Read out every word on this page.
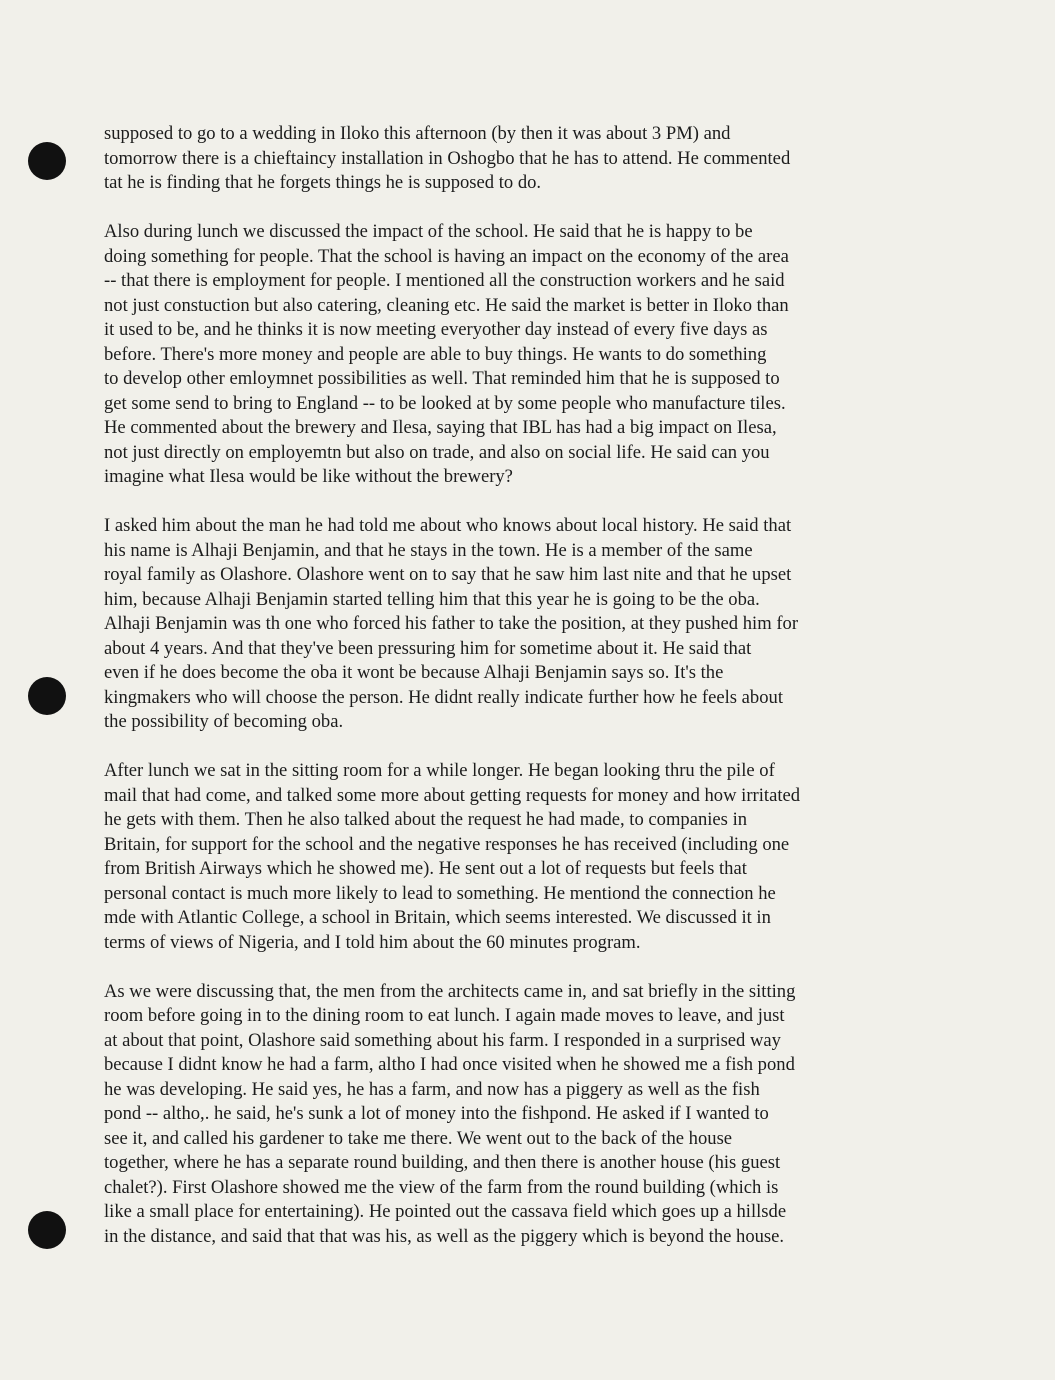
supposed to go to a wedding in Iloko this afternoon (by then it was about 3 PM) and
tomorrow there is a chieftaincy installation in Oshogbo that he has to attend. He commented
tat he is finding that he forgets things he is supposed to do.
Also during lunch we discussed the impact of the school. He said that he is happy to be
doing something for people. That the school is having an impact on the economy of the area
-- that there is employment for people. I mentioned all the construction workers and he said
not just constuction but also catering, cleaning etc. He said the market is better in Iloko than
it used to be, and he thinks it is now meeting everyother day instead of every five days as
before. There's more money and people are able to buy things. He wants to do something
to develop other emloymnet possibilities as well. That reminded him that he is supposed to
get some send to bring to England -- to be looked at by some people who manufacture tiles.
He commented about the brewery and Ilesa, saying that IBL has had a big impact on Ilesa,
not just directly on employemtn but also on trade, and also on social life. He said can you
imagine what Ilesa would be like without the brewery?
I asked him about the man he had told me about who knows about local history. He said that
his name is Alhaji Benjamin, and that he stays in the town. He is a member of the same
royal family as Olashore. Olashore went on to say that he saw him last nite and that he upset
him, because Alhaji Benjamin started telling him that this year he is going to be the oba.
Alhaji Benjamin was th one who forced his father to take the position, at they pushed him for
about 4 years. And that they've been pressuring him for sometime about it. He said that
even if he does become the oba it wont be because Alhaji Benjamin says so. It's the
kingmakers who will choose the person. He didnt really indicate further how he feels about
the possibility of becoming oba.
After lunch we sat in the sitting room for a while longer. He began looking thru the pile of
mail that had come, and talked some more about getting requests for money and how irritated
he gets with them. Then he also talked about the request he had made, to companies in
Britain, for support for the school and the negative responses he has received (including one
from British Airways which he showed me). He sent out a lot of requests but feels that
personal contact is much more likely to lead to something. He mentiond the connection he
mde with Atlantic College, a school in Britain, which seems interested. We discussed it in
terms of views of Nigeria, and I told him about the 60 minutes program.
As we were discussing that, the men from the architects came in, and sat briefly in the sitting
room before going in to the dining room to eat lunch. I again made moves to leave, and just
at about that point, Olashore said something about his farm. I responded in a surprised way
because I didnt know he had a farm, altho I had once visited when he showed me a fish pond
he was developing. He said yes, he has a farm, and now has a piggery as well as the fish
pond -- altho,. he said, he's sunk a lot of money into the fishpond. He asked if I wanted to
see it, and called his gardener to take me there. We went out to the back of the house
together, where he has a separate round building, and then there is another house (his guest
chalet?). First Olashore showed me the view of the farm from the round building (which is
like a small place for entertaining). He pointed out the cassava field which goes up a hillsde
in the distance, and said that that was his, as well as the piggery which is beyond the house.
